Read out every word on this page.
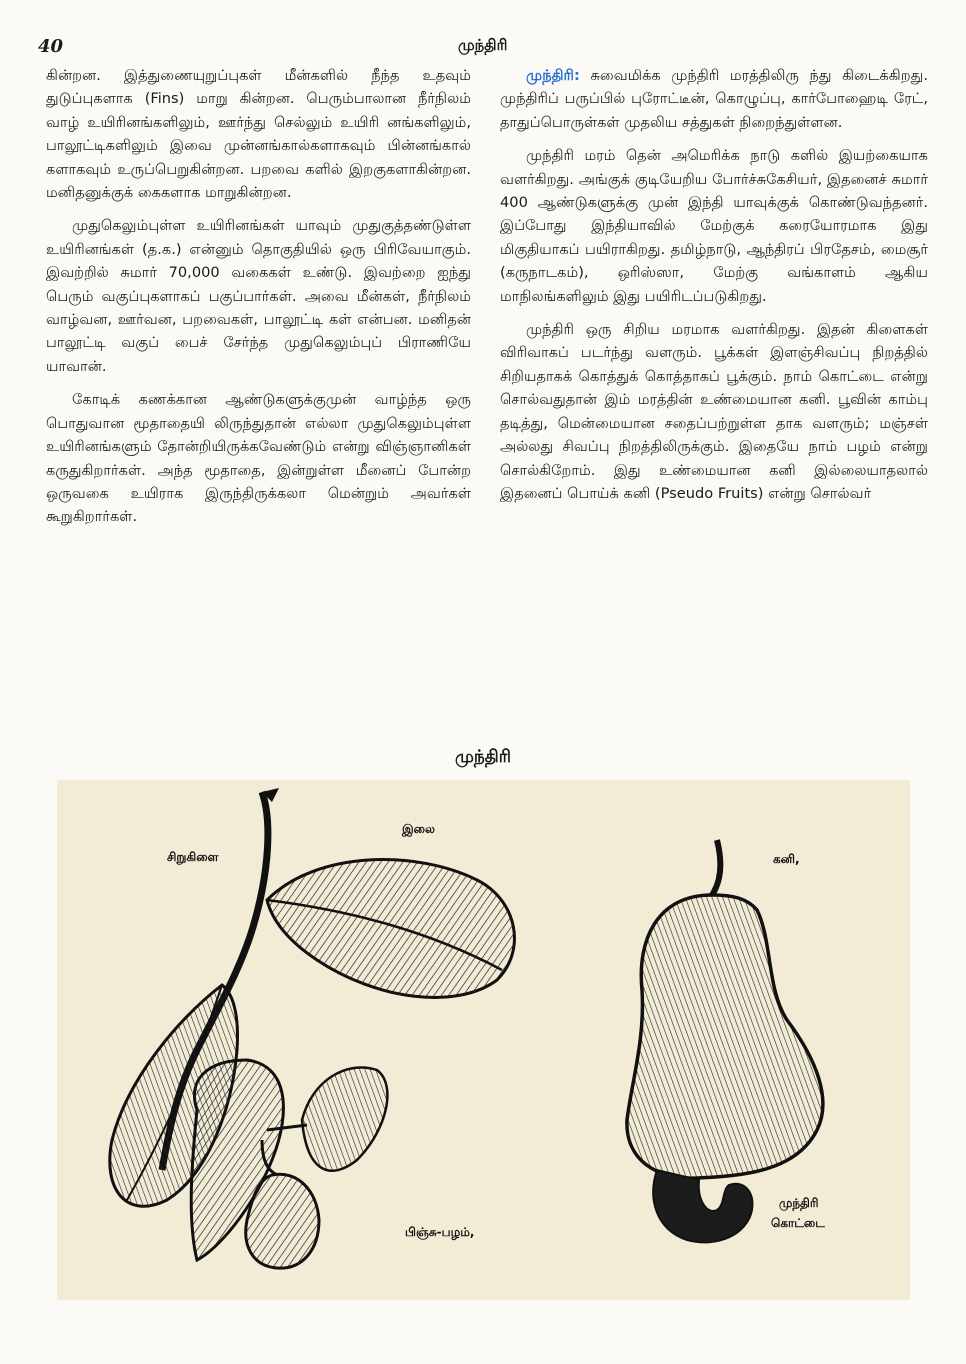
40	முந்திரி

கின்றன. இத்துணையுறுப்புகள் மீன்களில் நீந்த உதவும் துடுப்புகளாக (Fins) மாறு கின்றன. பெரும்பாலான நீர்நிலம் வாழ் உயிரினங்களிலும், ஊர்ந்து செல்லும் உயிரி னங்களிலும், பாலூட்டிகளிலும் இவை முன்னங்கால்களாகவும் பின்னங்கால் களாகவும் உருப்பெறுகின்றன. பறவை களில் இறகுகளாகின்றன. மனிதனுக்குக் கைகளாக மாறுகின்றன.

முதுகெலும்புள்ள உயிரினங்கள் யாவும் முதுகுத்தண்டுள்ள உயிரினங்கள் (த.க.) என்னும் தொகுதியில் ஒரு பிரிவேயாகும். இவற்றில் சுமார் 70,000 வகைகள் உண்டு. இவற்றை ஐந்து பெரும் வகுப்புகளாகப் பகுப்பார்கள். அவை மீன்கள், நீர்நிலம் வாழ்வன, ஊர்வன, பறவைகள், பாலூட்டி கள் என்பன. மனிதன் பாலூட்டி வகுப் பைச் சேர்ந்த முதுகெலும்புப் பிராணியே யாவான்.

கோடிக் கணக்கான ஆண்டுகளுக்குமுன் வாழ்ந்த ஒரு பொதுவான மூதாதையி லிருந்துதான் எல்லா முதுகெலும்புள்ள உயிரினங்களும் தோன்றியிருக்கவேண்டும் என்று விஞ்ஞானிகள் கருதுகிறார்கள். அந்த மூதாதை, இன்றுள்ள மீனைப் போன்ற ஒருவகை உயிராக இருந்திருக்கலா மென்றும் அவர்கள் கூறுகிறார்கள்.

முந்திரி: சுவைமிக்க முந்திரி மரத்திலிரு ந்து கிடைக்கிறது. முந்திரிப் பருப்பில் புரோட்டீன், கொழுப்பு, கார்போஹைடி ரேட், தாதுப்பொருள்கள் முதலிய சத்துகள் நிறைந்துள்ளன.

முந்திரி மரம் தென் அமெரிக்க நாடு களில் இயற்கையாக வளர்கிறது. அங்குக் குடியேறிய போர்ச்சுகேசியர், இதனைச் சுமார் 400 ஆண்டுகளுக்கு முன் இந்தி யாவுக்குக் கொண்டுவந்தனர். இப்போது இந்தியாவில் மேற்குக் கரையோரமாக இது மிகுதியாகப் பயிராகிறது. தமிழ்நாடு, ஆந்திரப் பிரதேசம், மைசூர் (கருநாடகம்), ஒரிஸ்ஸா, மேற்கு வங்காளம் ஆகிய மாநிலங்களிலும் இது பயிரிடப்படுகிறது.

முந்திரி ஒரு சிறிய மரமாக வளர்கிறது. இதன் கிளைகள் விரிவாகப் படர்ந்து வளரும். பூக்கள் இளஞ்சிவப்பு நிறத்தில் சிறியதாகக் கொத்துக் கொத்தாகப் பூக்கும். நாம் கொட்டை என்று சொல்வதுதான் இம் மரத்தின் உண்மையான கனி. பூவின் காம்பு தடித்து, மென்மையான சதைப்பற்றுள்ள தாக வளரும்; மஞ்சள் அல்லது சிவப்பு நிறத்திலிருக்கும். இதையே நாம் பழம் என்று சொல்கிறோம். இது உண்மையான கனி இல்லையாதலால் இதனைப் பொய்க் கனி (Pseudo Fruits) என்று சொல்வர்

முந்திரி
சிறுகிளை
இலை
கனி,
பிஞ்சு-பழம்,
முந்திரி
கொட்டை
